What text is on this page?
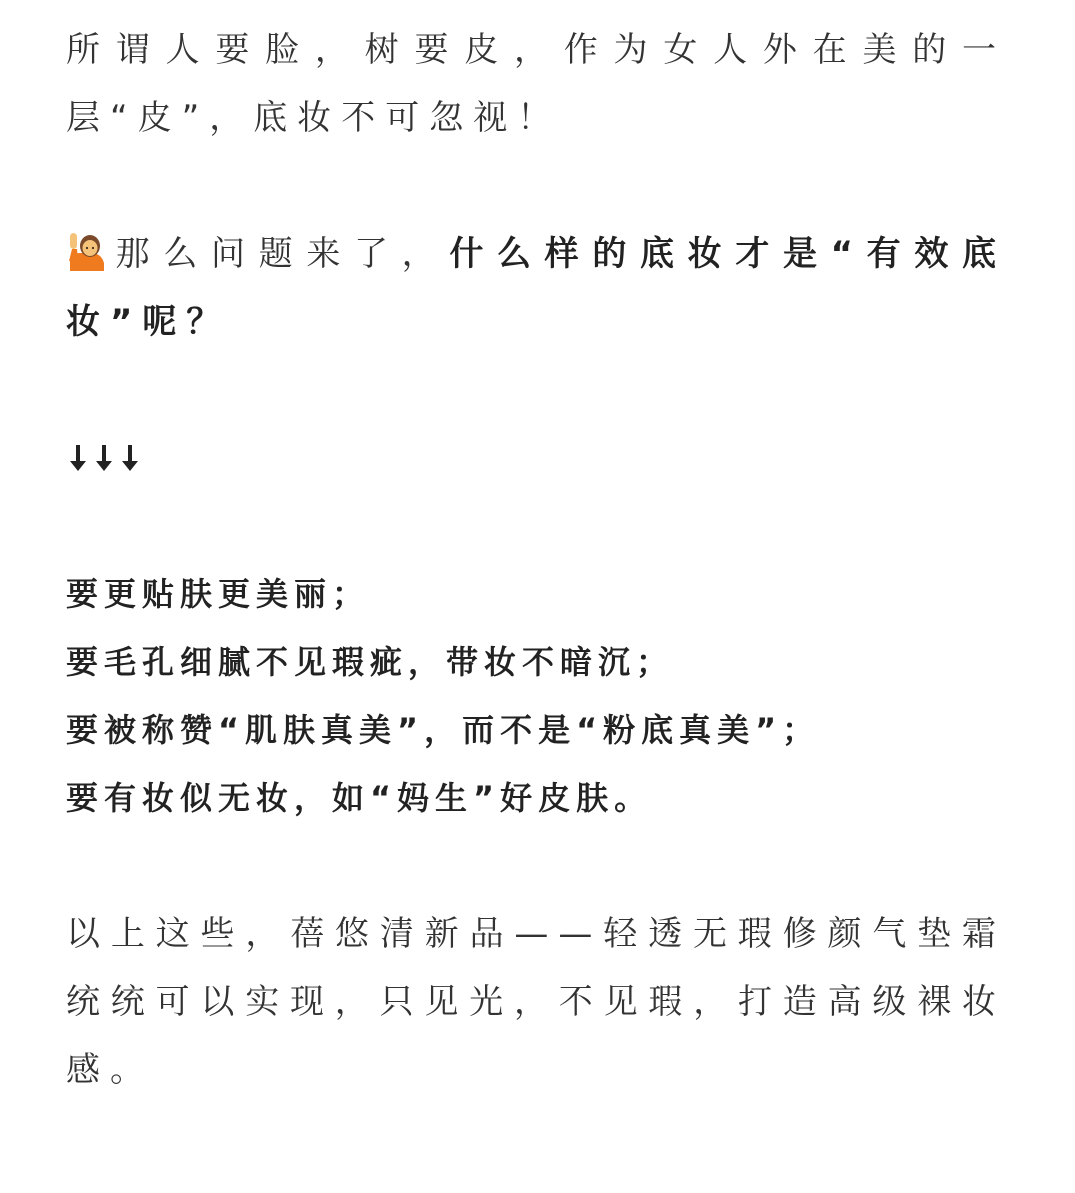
所谓人要脸，树要皮，作为女人外在美的一层“皮”，底妆不可忽视！

那么问题来了，什么样的底妆才是“有效底妆”呢？

要更贴肤更美丽；

要毛孔细腻不见瑕疵，带妆不暗沉；

要被称赞“肌肤真美”，而不是“粉底真美”；

要有妆似无妆，如“妈生”好皮肤。

以上这些，蓓悠清新品——轻透无瑕修颜气垫霜统统可以实现，只见光，不见瑕，打造高级裸妆感。
